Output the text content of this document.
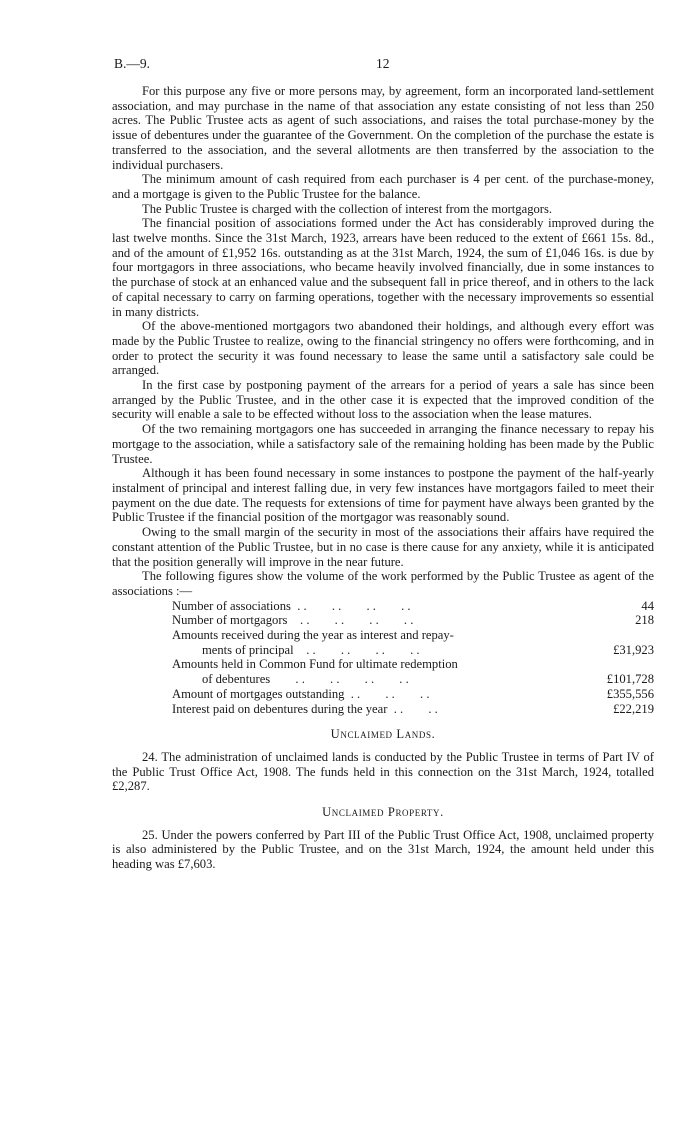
B.—9.	12

For this purpose any five or more persons may, by agreement, form an incorporated land-settlement association, and may purchase in the name of that association any estate consisting of not less than 250 acres. The Public Trustee acts as agent of such associations, and raises the total purchase-money by the issue of debentures under the guarantee of the Government. On the completion of the purchase the estate is transferred to the association, and the several allotments are then transferred by the association to the individual purchasers.

The minimum amount of cash required from each purchaser is 4 per cent. of the purchase-money, and a mortgage is given to the Public Trustee for the balance.

The Public Trustee is charged with the collection of interest from the mortgagors.

The financial position of associations formed under the Act has considerably improved during the last twelve months. Since the 31st March, 1923, arrears have been reduced to the extent of £661 15s. 8d., and of the amount of £1,952 16s. outstanding as at the 31st March, 1924, the sum of £1,046 16s. is due by four mortgagors in three associations, who became heavily involved financially, due in some instances to the purchase of stock at an enhanced value and the subsequent fall in price thereof, and in others to the lack of capital necessary to carry on farming operations, together with the necessary improvements so essential in many districts.

Of the above-mentioned mortgagors two abandoned their holdings, and although every effort was made by the Public Trustee to realize, owing to the financial stringency no offers were forthcoming, and in order to protect the security it was found necessary to lease the same until a satisfactory sale could be arranged.

In the first case by postponing payment of the arrears for a period of years a sale has since been arranged by the Public Trustee, and in the other case it is expected that the improved condition of the security will enable a sale to be effected without loss to the association when the lease matures.

Of the two remaining mortgagors one has succeeded in arranging the finance necessary to repay his mortgage to the association, while a satisfactory sale of the remaining holding has been made by the Public Trustee.

Although it has been found necessary in some instances to postpone the payment of the half-yearly instalment of principal and interest falling due, in very few instances have mortgagors failed to meet their payment on the due date. The requests for extensions of time for payment have always been granted by the Public Trustee if the financial position of the mortgagor was reasonably sound.

Owing to the small margin of the security in most of the associations their affairs have required the constant attention of the Public Trustee, but in no case is there cause for any anxiety, while it is anticipated that the position generally will improve in the near future.

The following figures show the volume of the work performed by the Public Trustee as agent of the associations :—

Number of associations  . .        . .        . .        . .	44
Number of mortgagors    . .        . .        . .        . .	218
Amounts received during the year as interest and repay-
ments of principal    . .        . .        . .        . .	£31,923
Amounts held in Common Fund for ultimate redemption
of debentures        . .        . .        . .        . .	£101,728
Amount of mortgages outstanding  . .        . .        . .	£355,556
Interest paid on debentures during the year  . .        . .	£22,219
Unclaimed Lands.

24. The administration of unclaimed lands is conducted by the Public Trustee in terms of Part IV of the Public Trust Office Act, 1908. The funds held in this connection on the 31st March, 1924, totalled £2,287.

Unclaimed Property.

25. Under the powers conferred by Part III of the Public Trust Office Act, 1908, unclaimed property is also administered by the Public Trustee, and on the 31st March, 1924, the amount held under this heading was £7,603.
